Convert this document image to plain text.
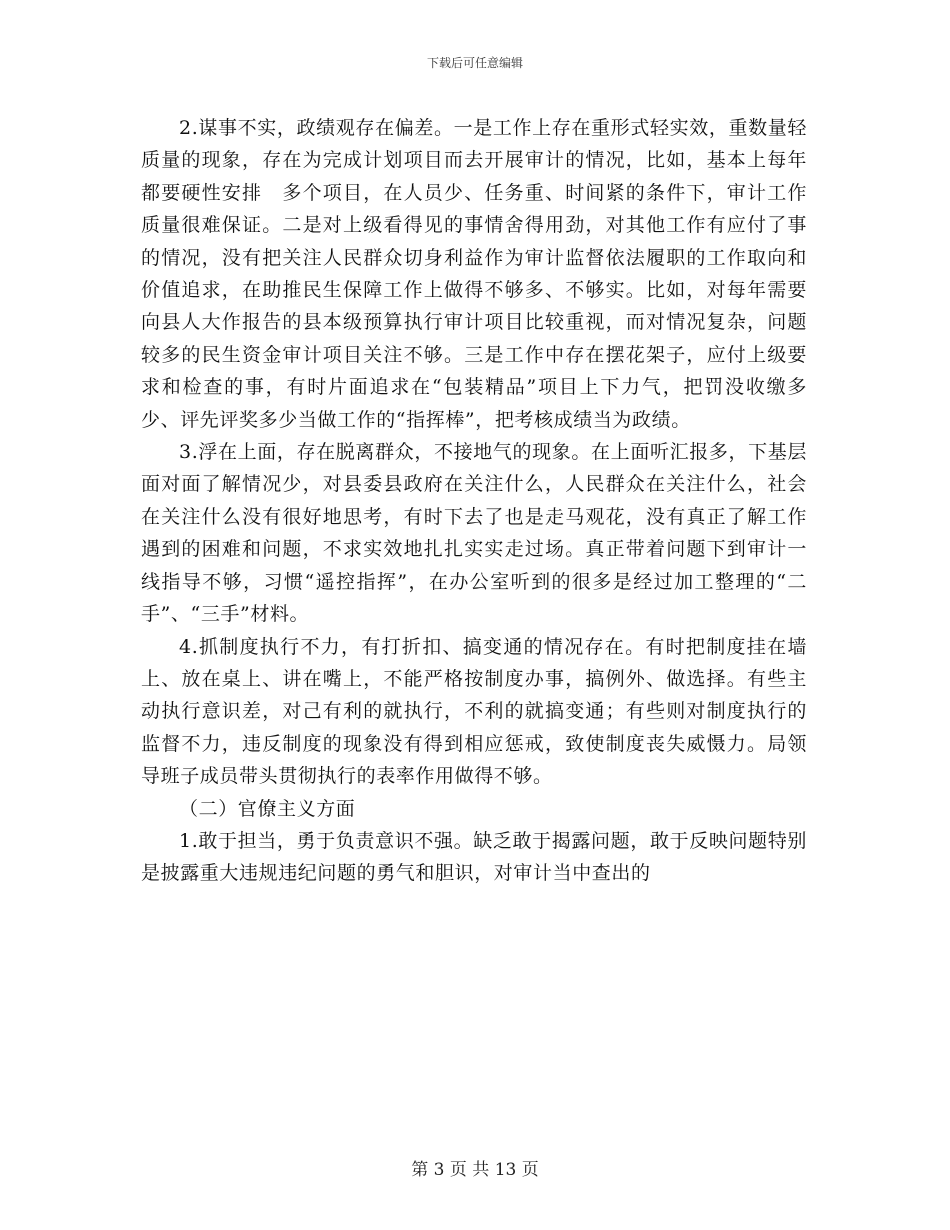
下载后可任意编辑

2.谋事不实，政绩观存在偏差。一是工作上存在重形式轻实效，重数量轻质量的现象，存在为完成计划项目而去开展审计的情况，比如，基本上每年都要硬性安排　多个项目，在人员少、任务重、时间紧的条件下，审计工作质量很难保证。二是对上级看得见的事情舍得用劲，对其他工作有应付了事的情况，没有把关注人民群众切身利益作为审计监督依法履职的工作取向和价值追求，在助推民生保障工作上做得不够多、不够实。比如，对每年需要向县人大作报告的县本级预算执行审计项目比较重视，而对情况复杂，问题较多的民生资金审计项目关注不够。三是工作中存在摆花架子，应付上级要求和检查的事，有时片面追求在“包装精品”项目上下力气，把罚没收缴多少、评先评奖多少当做工作的“指挥棒”，把考核成绩当为政绩。

3.浮在上面，存在脱离群众，不接地气的现象。在上面听汇报多，下基层面对面了解情况少，对县委县政府在关注什么，人民群众在关注什么，社会在关注什么没有很好地思考，有时下去了也是走马观花，没有真正了解工作遇到的困难和问题，不求实效地扎扎实实走过场。真正带着问题下到审计一线指导不够，习惯“遥控指挥”，在办公室听到的很多是经过加工整理的“二手”、“三手”材料。

4.抓制度执行不力，有打折扣、搞变通的情况存在。有时把制度挂在墙上、放在桌上、讲在嘴上，不能严格按制度办事，搞例外、做选择。有些主动执行意识差，对己有利的就执行，不利的就搞变通；有些则对制度执行的监督不力，违反制度的现象没有得到相应惩戒，致使制度丧失威慑力。局领导班子成员带头贯彻执行的表率作用做得不够。

（二）官僚主义方面

1.敢于担当，勇于负责意识不强。缺乏敢于揭露问题，敢于反映问题特别是披露重大违规违纪问题的勇气和胆识，对审计当中查出的

第 3 页 共 13 页
